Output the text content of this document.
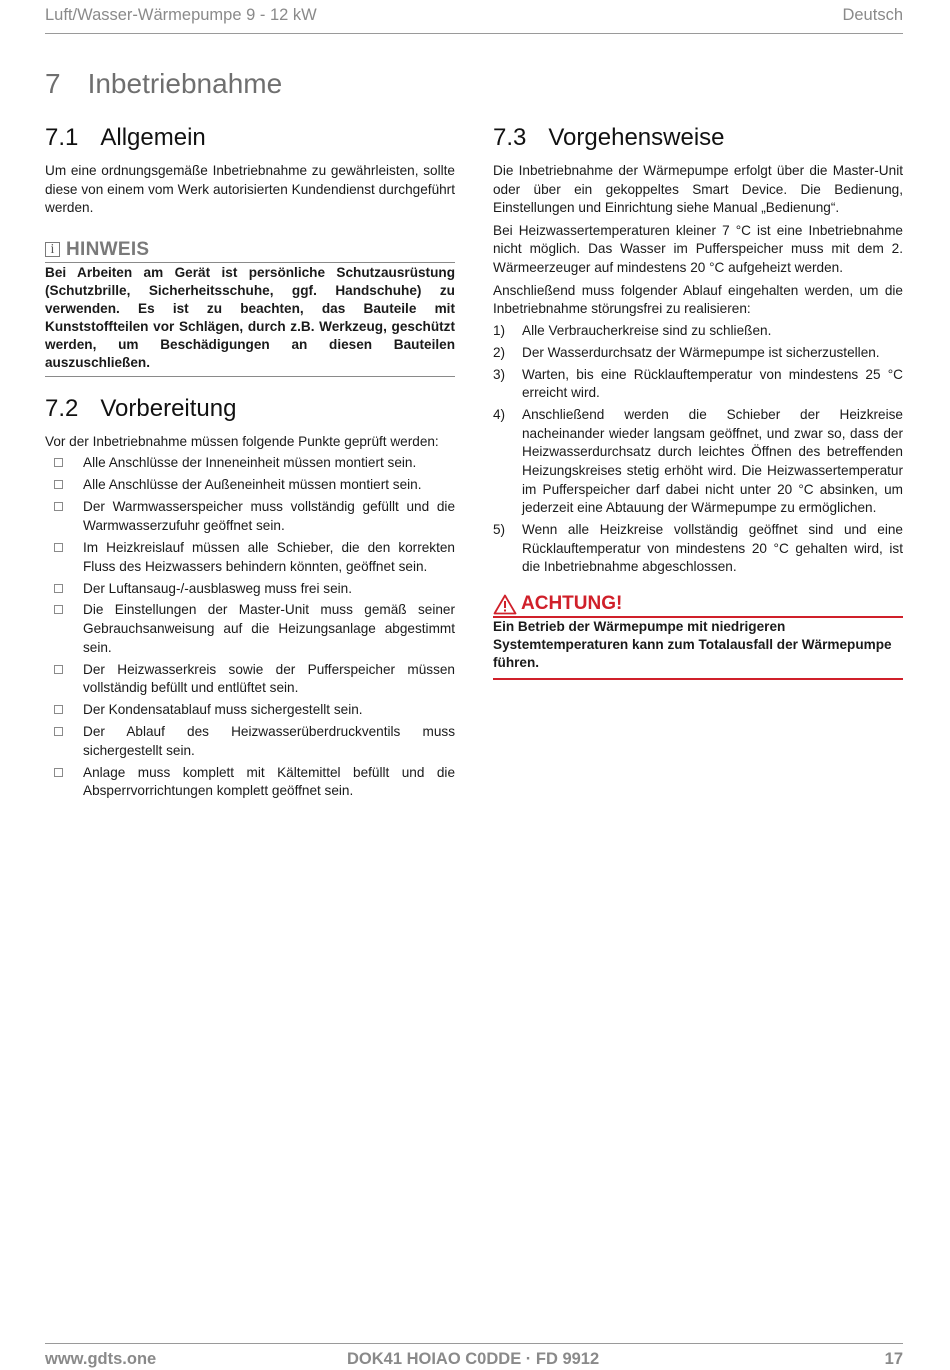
Luft/Wasser-Wärmepumpe 9 - 12 kW	Deutsch
7 Inbetriebnahme
7.1 Allgemein

Um eine ordnungsgemäße Inbetriebnahme zu gewährleisten, sollte diese von einem vom Werk autorisierten Kundendienst durchgeführt werden.

i HINWEIS
Bei Arbeiten am Gerät ist persönliche Schutzausrüstung (Schutzbrille, Sicherheitsschuhe, ggf. Handschuhe) zu verwenden. Es ist zu beachten, das Bauteile mit Kunststoffteilen vor Schlägen, durch z.B. Werkzeug, geschützt werden, um Beschädigungen an diesen Bauteilen auszuschließen.
7.2 Vorbereitung

Vor der Inbetriebnahme müssen folgende Punkte geprüft werden:

Alle Anschlüsse der Inneneinheit müssen montiert sein.
Alle Anschlüsse der Außeneinheit müssen montiert sein.
Der Warmwasserspeicher muss vollständig gefüllt und die Warmwasserzufuhr geöffnet sein.
Im Heizkreislauf müssen alle Schieber, die den korrekten Fluss des Heizwassers behindern könnten, geöffnet sein.
Der Luftansaug-/-ausblasweg muss frei sein.
Die Einstellungen der Master-Unit muss gemäß seiner Gebrauchsanweisung auf die Heizungsanlage abgestimmt sein.
Der Heizwasserkreis sowie der Pufferspeicher müssen vollständig befüllt und entlüftet sein.
Der Kondensatablauf muss sichergestellt sein.
Der Ablauf des Heizwasserüberdruckventils muss sichergestellt sein.
Anlage muss komplett mit Kältemittel befüllt und die Absperrvorrichtungen komplett geöffnet sein.
7.3 Vorgehensweise

Die Inbetriebnahme der Wärmepumpe erfolgt über die Master-Unit oder über ein gekoppeltes Smart Device. Die Bedienung, Einstellungen und Einrichtung siehe Manual „Bedienung“.

Bei Heizwassertemperaturen kleiner 7 °C ist eine Inbetriebnahme nicht möglich. Das Wasser im Pufferspeicher muss mit dem 2. Wärmeerzeuger auf mindestens 20 °C aufgeheizt werden.

Anschließend muss folgender Ablauf eingehalten werden, um die Inbetriebnahme störungsfrei zu realisieren:

1)	Alle Verbraucherkreise sind zu schließen.
2)	Der Wasserdurchsatz der Wärmepumpe ist sicherzustellen.
3)	Warten, bis eine Rücklauftemperatur von mindestens 25 °C erreicht wird.
4)	Anschließend werden die Schieber der Heizkreise nacheinander wieder langsam geöffnet, und zwar so, dass der Heizwasserdurchsatz durch leichtes Öffnen des betreffenden Heizungskreises stetig erhöht wird. Die Heizwassertemperatur im Pufferspeicher darf dabei nicht unter 20 °C absinken, um jederzeit eine Abtauung der Wärmepumpe zu ermöglichen.
5)	Wenn alle Heizkreise vollständig geöffnet sind und eine Rücklauftemperatur von mindestens 20 °C gehalten wird, ist die Inbetriebnahme abgeschlossen.
ACHTUNG!
Ein Betrieb der Wärmepumpe mit niedrigeren Systemtemperaturen kann zum Totalausfall der Wärmepumpe führen.
www.gdts.one	DOK41 HOIAO C0DDE · FD 9912	17
